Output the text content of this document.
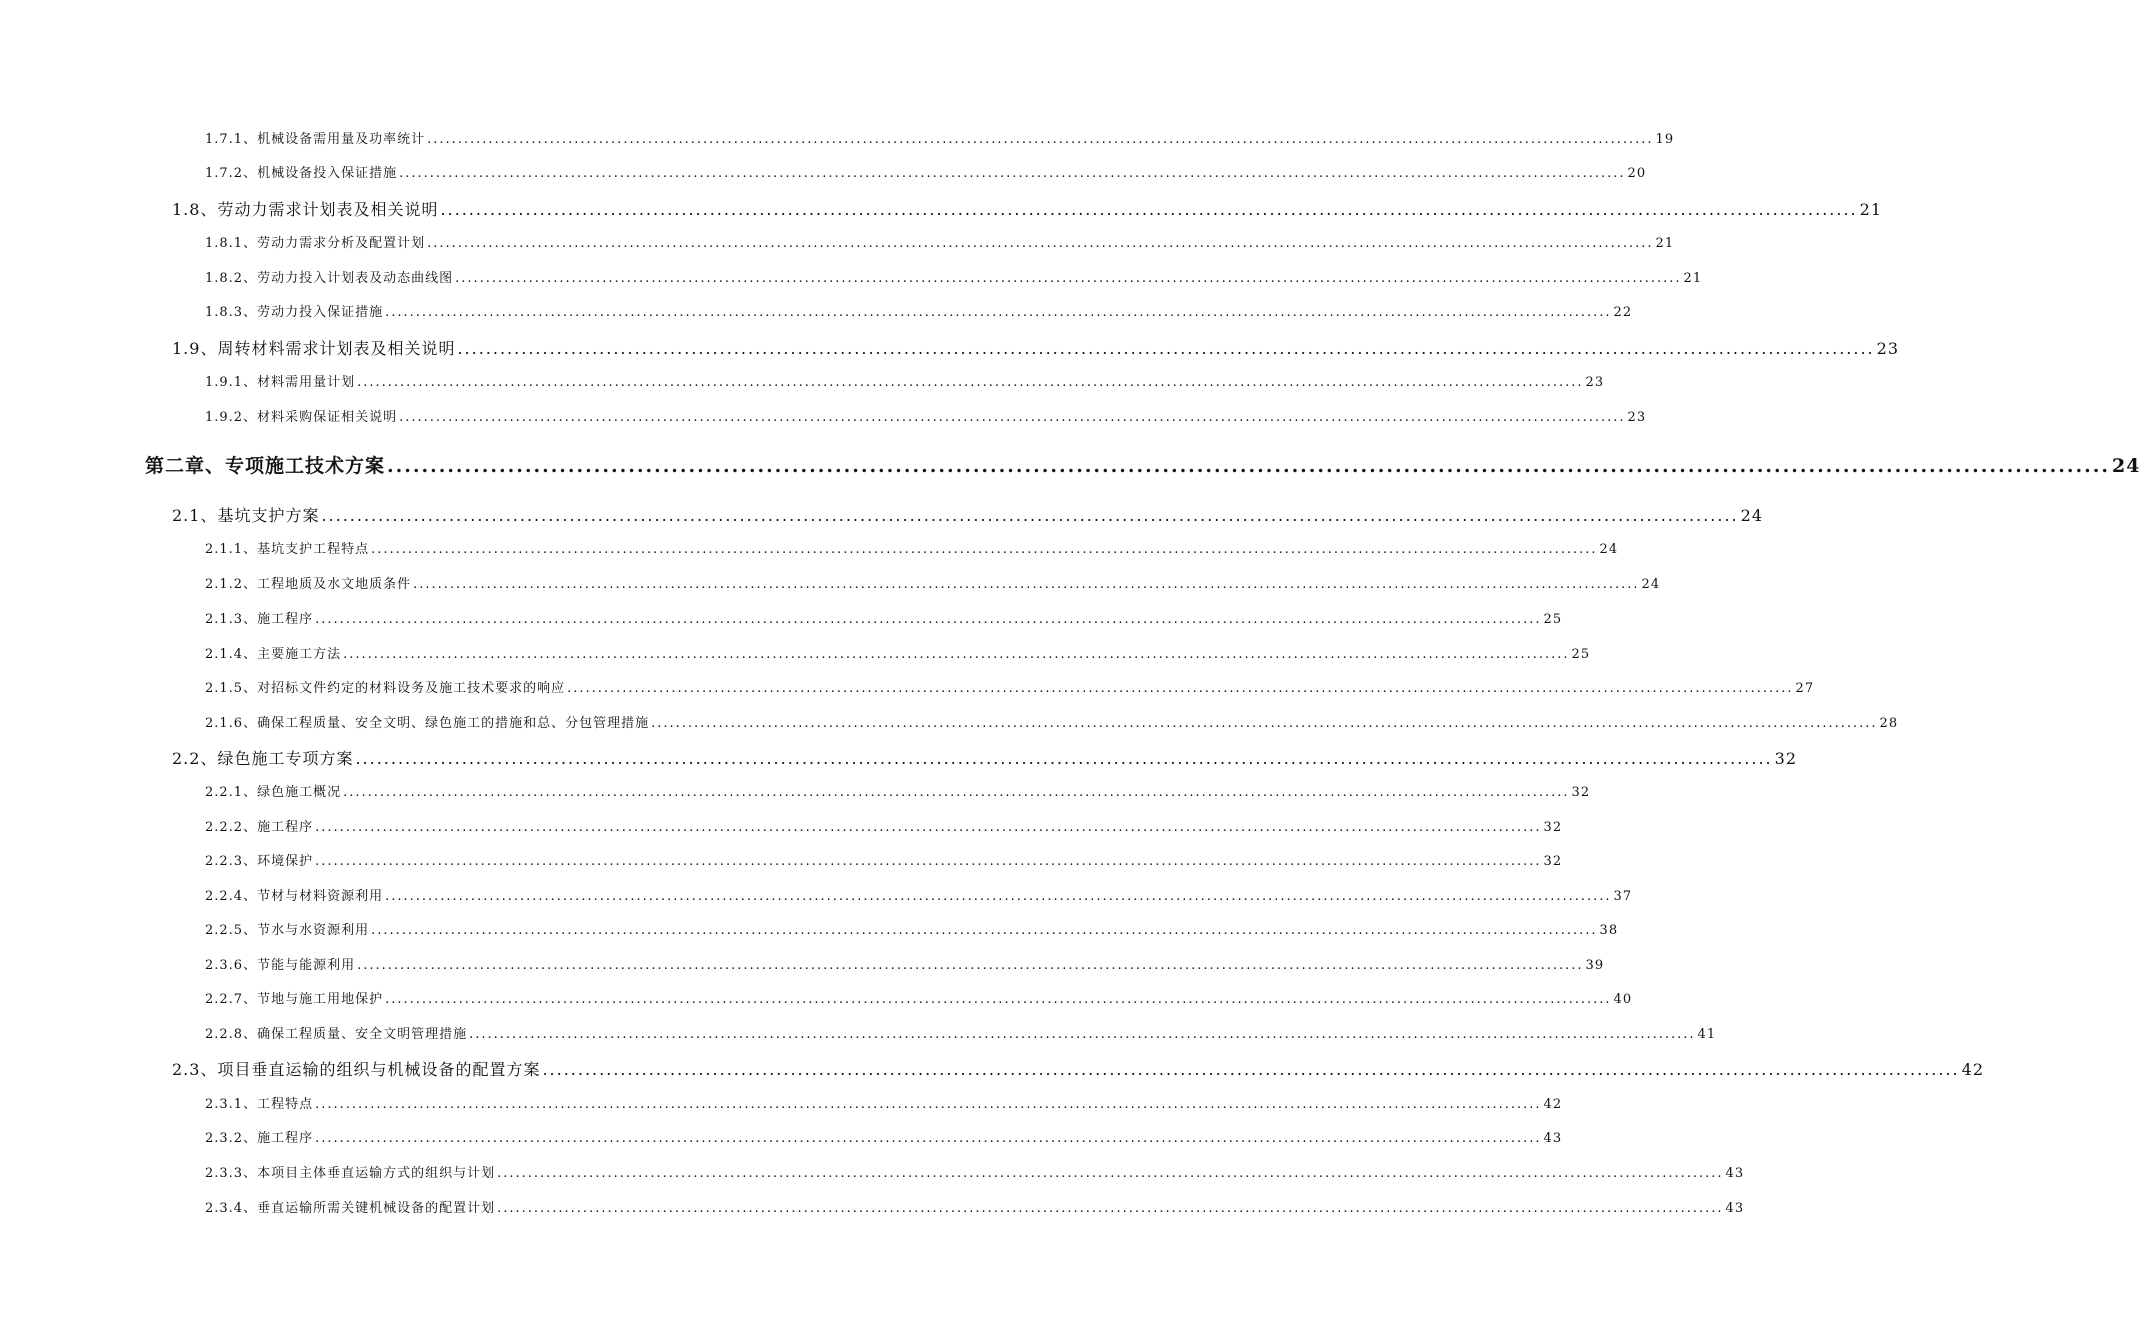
1.7.1、机械设备需用量及功率统计 ........................................................................................................................................................................................................ 19
1.7.2、机械设备投入保证措施 ........................................................................................................................................................................................................ 20
1.8、劳动力需求计划表及相关说明 ........................................................................................................................................................................................................ 21
1.8.1、劳动力需求分析及配置计划 ........................................................................................................................................................................................................ 21
1.8.2、劳动力投入计划表及动态曲线图 ........................................................................................................................................................................................................ 21
1.8.3、劳动力投入保证措施 ........................................................................................................................................................................................................ 22
1.9、周转材料需求计划表及相关说明 ........................................................................................................................................................................................................ 23
1.9.1、材料需用量计划 ........................................................................................................................................................................................................ 23
1.9.2、材料采购保证相关说明 ........................................................................................................................................................................................................ 23
第二章、专项施工技术方案 ........................................................................................................................................................................................................ 24
2.1、基坑支护方案 ........................................................................................................................................................................................................ 24
2.1.1、基坑支护工程特点 ........................................................................................................................................................................................................ 24
2.1.2、工程地质及水文地质条件 ........................................................................................................................................................................................................ 24
2.1.3、施工程序 ........................................................................................................................................................................................................ 25
2.1.4、主要施工方法 ........................................................................................................................................................................................................ 25
2.1.5、对招标文件约定的材料设务及施工技术要求的响应 ........................................................................................................................................................................................................ 27
2.1.6、确保工程质量、安全文明、绿色施工的措施和总、分包管理措施 ........................................................................................................................................................................................................ 28
2.2、绿色施工专项方案 ........................................................................................................................................................................................................ 32
2.2.1、绿色施工概况 ........................................................................................................................................................................................................ 32
2.2.2、施工程序 ........................................................................................................................................................................................................ 32
2.2.3、环境保护 ........................................................................................................................................................................................................ 32
2.2.4、节材与材料资源利用 ........................................................................................................................................................................................................ 37
2.2.5、节水与水资源利用 ........................................................................................................................................................................................................ 38
2.3.6、节能与能源利用 ........................................................................................................................................................................................................ 39
2.2.7、节地与施工用地保护 ........................................................................................................................................................................................................ 40
2.2.8、确保工程质量、安全文明管理措施 ........................................................................................................................................................................................................ 41
2.3、项目垂直运输的组织与机械设备的配置方案 ........................................................................................................................................................................................................ 42
2.3.1、工程特点 ........................................................................................................................................................................................................ 42
2.3.2、施工程序 ........................................................................................................................................................................................................ 43
2.3.3、本项目主体垂直运输方式的组织与计划 ........................................................................................................................................................................................................ 43
2.3.4、垂直运输所需关键机械设备的配置计划 ........................................................................................................................................................................................................ 43
